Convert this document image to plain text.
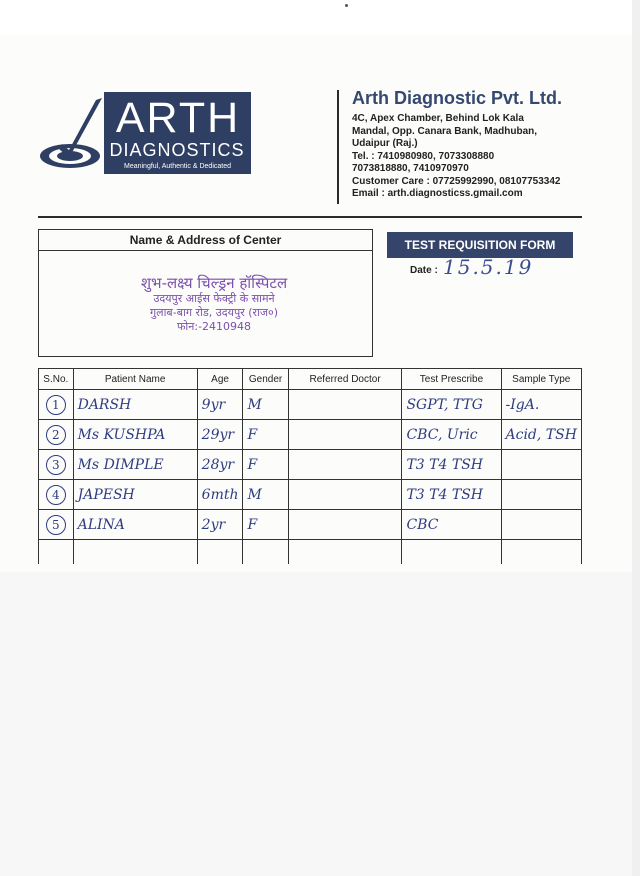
ARTH
DIAGNOSTICS
Meaningful, Authentic & Dedicated
Arth Diagnostic Pvt. Ltd.
4C, Apex Chamber, Behind Lok Kala
Mandal, Opp. Canara Bank, Madhuban,
Udaipur (Raj.)
Tel. : 7410980980, 7073308880
7073818880, 7410970970
Customer Care : 07725992990, 08107753342
Email : arth.diagnosticss.gmail.com
Name & Address of Center
शुभ-लक्ष्य चिल्ड्रन हॉस्पिटल
उदयपुर आईस फेक्ट्री के सामने
गुलाब-बाग रोड, उदयपुर (राज०)
फोन:-2410948
TEST REQUISITION FORM
Date : 15.5.19
S.No.	Patient Name	Age	Gender	Referred Doctor	Test Prescribe	Sample Type
1	DARSH	9yr	M		SGPT, TTG	-IgA.
2	Ms KUSHPA	29yr	F		CBC, Uric	Acid, TSH
3	Ms DIMPLE	28yr	F		T3 T4 TSH	
4	JAPESH	6mth	M		T3 T4 TSH	
5	ALINA	2yr	F		CBC	
